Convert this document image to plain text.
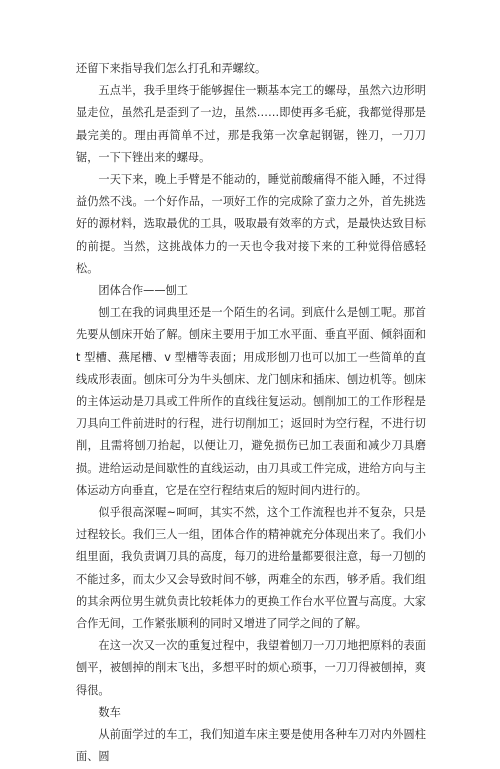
还留下来指导我们怎么打孔和弄螺纹。

五点半，我手里终于能够握住一颗基本完工的螺母，虽然六边形明显走位，虽然孔是歪到了一边，虽然……即使再多毛疵，我都觉得那是最完美的。理由再简单不过，那是我第一次拿起钢锯，锉刀，一刀刀锯，一下下锉出来的螺母。

一天下来，晚上手臂是不能动的，睡觉前酸痛得不能入睡，不过得益仍然不浅。一个好作品，一项好工作的完成除了蛮力之外，首先挑选好的源材料，选取最优的工具，吸取最有效率的方式，是最快达致目标的前提。当然，这挑战体力的一天也令我对接下来的工种觉得倍感轻松。

团体合作——刨工

刨工在我的词典里还是一个陌生的名词。到底什么是刨工呢。那首先要从刨床开始了解。刨床主要用于加工水平面、垂直平面、倾斜面和 t 型槽、燕尾槽、v 型槽等表面；用成形刨刀也可以加工一些简单的直线成形表面。刨床可分为牛头刨床、龙门刨床和插床、刨边机等。刨床的主体运动是刀具或工件所作的直线往复运动。刨削加工的工作形程是刀具向工件前进时的行程，进行切削加工；返回时为空行程，不进行切削，且需将刨刀抬起，以便让刀，避免损伤已加工表面和减少刀具磨损。进给运动是间歇性的直线运动，由刀具或工件完成，进给方向与主体运动方向垂直，它是在空行程结束后的短时间内进行的。

似乎很高深喔~呵呵，其实不然，这个工作流程也并不复杂，只是过程较长。我们三人一组，团体合作的精神就充分体现出来了。我们小组里面，我负责调刀具的高度，每刀的进给量都要很注意，每一刀刨的不能过多，而太少又会导致时间不够，两难全的东西，够矛盾。我们组的其余两位男生就负责比较耗体力的更换工作台水平位置与高度。大家合作无间，工作紧张顺利的同时又增进了同学之间的了解。

在这一次又一次的重复过程中，我望着刨刀一刀刀地把原料的表面刨平，被刨掉的削末飞出，多想平时的烦心琐事，一刀刀得被刨掉，爽得很。

数车

从前面学过的车工，我们知道车床主要是使用各种车刀对内外圆柱面、圆
